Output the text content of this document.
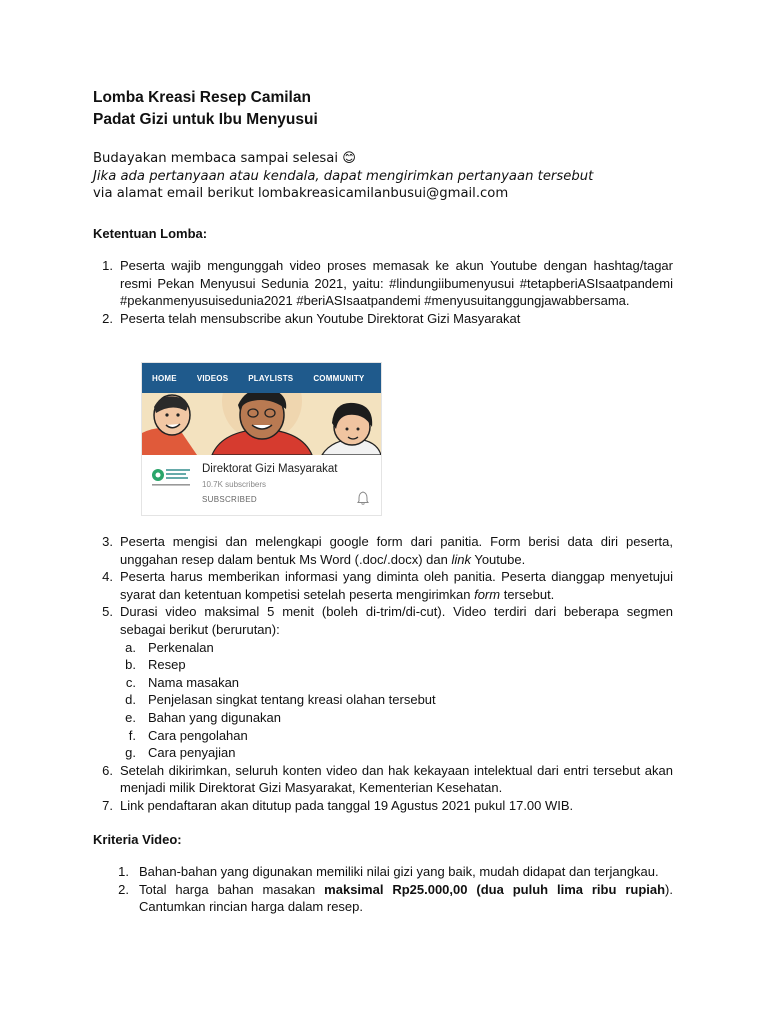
Lomba Kreasi Resep Camilan
Padat Gizi untuk Ibu Menyusui
Budayakan membaca sampai selesai 😊
Jika ada pertanyaan atau kendala, dapat mengirimkan pertanyaan tersebut
via alamat email berikut lombakreasicamilanbusui@gmail.com
Ketentuan Lomba:
1. Peserta wajib mengunggah video proses memasak ke akun Youtube dengan hashtag/tagar resmi Pekan Menyusui Sedunia 2021, yaitu: #lindungiibumenyusui #tetapberiASIsaatpandemi #pekanmenyusuisedunia2021 #beriASIsaatpandemi #menyusuitanggungjawabbersama.
2. Peserta telah mensubscribe akun Youtube Direktorat Gizi Masyarakat
HOME	VIDEOS	PLAYLISTS	COMMUNITY
Direktorat Gizi Masyarakat
10.7K subscribers
SUBSCRIBED
3. Peserta mengisi dan melengkapi google form dari panitia. Form berisi data diri peserta, unggahan resep dalam bentuk Ms Word (.doc/.docx) dan link Youtube.
4. Peserta harus memberikan informasi yang diminta oleh panitia. Peserta dianggap menyetujui syarat dan ketentuan kompetisi setelah peserta mengirimkan form tersebut.
5. Durasi video maksimal 5 menit (boleh di-trim/di-cut). Video terdiri dari beberapa segmen sebagai berikut (berurutan):
a. Perkenalan
b. Resep
c. Nama masakan
d. Penjelasan singkat tentang kreasi olahan tersebut
e. Bahan yang digunakan
f. Cara pengolahan
g. Cara penyajian
6. Setelah dikirimkan, seluruh konten video dan hak kekayaan intelektual dari entri tersebut akan menjadi milik Direktorat Gizi Masyarakat, Kementerian Kesehatan.
7. Link pendaftaran akan ditutup pada tanggal 19 Agustus 2021 pukul 17.00 WIB.
Kriteria Video:
1. Bahan-bahan yang digunakan memiliki nilai gizi yang baik, mudah didapat dan terjangkau.
2. Total harga bahan masakan maksimal Rp25.000,00 (dua puluh lima ribu rupiah). Cantumkan rincian harga dalam resep.
